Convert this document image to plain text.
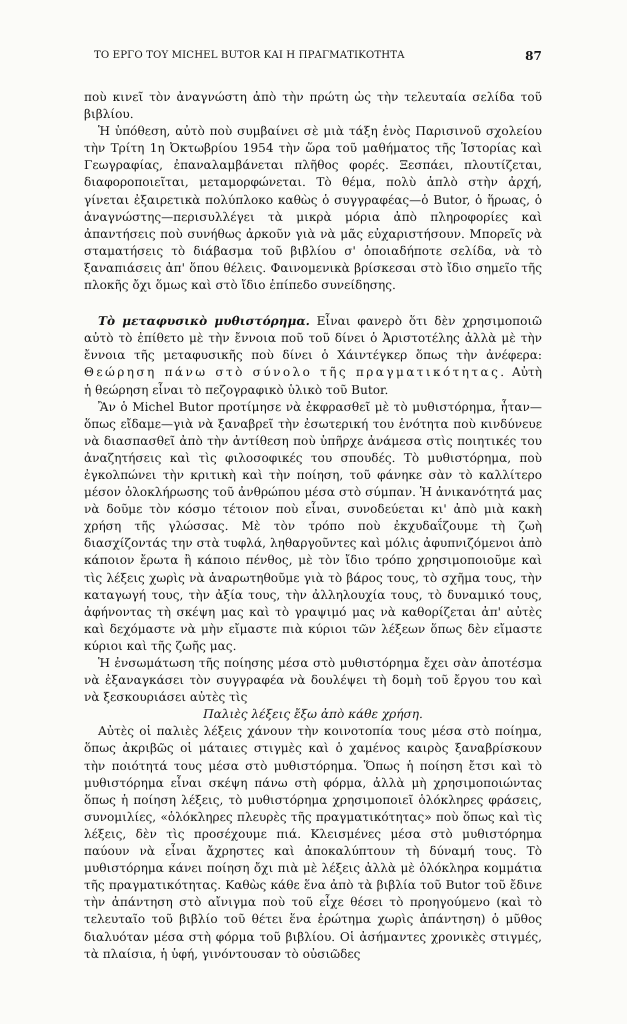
ΤΟ ΕΡΓΟ ΤΟΥ MICHEL BUTOR ΚΑΙ Η ΠΡΑΓΜΑΤΙΚΟΤΗΤΑ	87

ποὺ κινεῖ τὸν ἀναγνώστη ἀπὸ τὴν πρώτη ὡς τὴν τελευταία σελίδα τοῦ βιβλίου.

Ἡ ὑπόθεση, αὐτὸ ποὺ συμβαίνει σὲ μιὰ τάξη ἑνὸς Παρισινοῦ σχολείου τὴν Τρίτη 1η Ὀκτωβρίου 1954 τὴν ὥρα τοῦ μαθήματος τῆς Ἱστορίας καὶ Γεωγραφίας, ἐπαναλαμβάνεται πλῆθος φορές. Ξεσπάει, πλουτίζεται, διαφοροποιεῖται, μεταμορφώνεται. Τὸ θέμα, πολὺ ἁπλὸ στὴν ἀρχή, γίνεται ἐξαιρετικὰ πολύπλοκο καθὼς ὁ συγγραφέας—ὁ Butor, ὁ ἥρωας, ὁ ἀναγνώστης—περισυλλέγει τὰ μικρὰ μόρια ἀπὸ πληροφορίες καὶ ἀπαντήσεις ποὺ συνήθως ἀρκοῦν γιὰ νὰ μᾶς εὐχαριστήσουν. Μπορεῖς νὰ σταματήσεις τὸ διάβασμα τοῦ βιβλίου σ' ὁποιαδήποτε σελίδα, νὰ τὸ ξαναπιάσεις ἀπ' ὅπου θέλεις. Φαινομενικὰ βρίσκεσαι στὸ ἴδιο σημεῖο τῆς πλοκῆς ὄχι ὅμως καὶ στὸ ἴδιο ἐπίπεδο συνείδησης.

Τὸ μεταφυσικὸ μυθιστόρημα. Εἶναι φανερὸ ὅτι δὲν χρησιμοποιῶ αὐτὸ τὸ ἐπίθετο μὲ τὴν ἔννοια ποῦ τοῦ δίνει ὁ Ἀριστοτέλης ἀλλὰ μὲ τὴν ἔννοια τῆς μεταφυσικῆς ποὺ δίνει ὁ Χάιντέγκερ ὅπως τὴν ἀνέφερα: Θεώρηση πάνω στὸ σύνολο τῆς πραγματικότητας. Αὐτὴ ἡ θεώρηση εἶναι τὸ πεζογραφικὸ ὑλικὸ τοῦ Butor.

Ἂν ὁ Michel Butor προτίμησε νὰ ἐκφρασθεῖ μὲ τὸ μυθιστόρημα, ἦταν—ὅπως εἴδαμε—γιὰ νὰ ξαναβρεῖ τὴν ἐσωτερική του ἑνότητα ποὺ κινδύνευε νὰ διασπασθεῖ ἀπὸ τὴν ἀντίθεση ποὺ ὑπῆρχε ἀνάμεσα στὶς ποιητικές του ἀναζητήσεις καὶ τὶς φιλοσοφικές του σπουδές. Τὸ μυθιστόρημα, ποὺ ἐγκολπώνει τὴν κριτικὴ καὶ τὴν ποίηση, τοῦ φάνηκε σὰν τὸ καλλίτερο μέσον ὁλοκλήρωσης τοῦ ἀνθρώπου μέσα στὸ σύμπαν. Ἡ ἀνικανότητά μας νὰ δοῦμε τὸν κόσμο τέτοιον ποὺ εἶναι, συνοδεύεται κι' ἀπὸ μιὰ κακὴ χρήση τῆς γλώσσας. Μὲ τὸν τρόπο ποὺ ἐκχυδαΐζουμε τὴ ζωὴ διασχίζοντάς την στὰ τυφλά, ληθαργοῦντες καὶ μόλις ἀφυπνιζόμενοι ἀπὸ κάποιον ἔρωτα ἢ κάποιο πένθος, μὲ τὸν ἴδιο τρόπο χρησιμοποιοῦμε καὶ τὶς λέξεις χωρὶς νὰ ἀναρωτηθοῦμε γιὰ τὸ βάρος τους, τὸ σχῆμα τους, τὴν καταγωγή τους, τὴν ἀξία τους, τὴν ἀλληλουχία τους, τὸ δυναμικό τους, ἀφήνοντας τὴ σκέψη μας καὶ τὸ γραψιμό μας νὰ καθορίζεται ἀπ' αὐτὲς καὶ δεχόμαστε νὰ μὴν εἴμαστε πιὰ κύριοι τῶν λέξεων ὅπως δὲν εἴμαστε κύριοι καὶ τῆς ζωῆς μας.

Ἡ ἐνσωμάτωση τῆς ποίησης μέσα στὸ μυθιστόρημα ἔχει σὰν ἀποτέσμα νὰ ἐξαναγκάσει τὸν συγγραφέα νὰ δουλέψει τὴ δομὴ τοῦ ἔργου του καὶ νὰ ξεσκουριάσει αὐτὲς τὶς

Παλιὲς λέξεις ἔξω ἀπὸ κάθε χρήση.

Αὐτὲς οἱ παλιὲς λέξεις χάνουν τὴν κοινοτοπία τους μέσα στὸ ποίημα, ὅπως ἀκριβῶς οἱ μάταιες στιγμὲς καὶ ὁ χαμένος καιρὸς ξαναβρίσκουν τὴν ποιότητά τους μέσα στὸ μυθιστόρημα. Ὅπως ἡ ποίηση ἔτσι καὶ τὸ μυθιστόρημα εἶναι σκέψη πάνω στὴ φόρμα, ἀλλὰ μὴ χρησιμοποιώντας ὅπως ἡ ποίηση λέξεις, τὸ μυθιστόρημα χρησιμοποιεῖ ὁλόκληρες φράσεις, συνομιλίες, «ὁλόκληρες πλευρὲς τῆς πραγματικότητας» ποὺ ὅπως καὶ τὶς λέξεις, δὲν τὶς προσέχουμε πιά. Κλεισμένες μέσα στὸ μυθιστόρημα παύουν νὰ εἶναι ἄχρηστες καὶ ἀποκαλύπτουν τὴ δύναμή τους. Τὸ μυθιστόρημα κάνει ποίηση ὄχι πιὰ μὲ λέξεις ἀλλὰ μὲ ὁλόκληρα κομμάτια τῆς πραγματικότητας. Καθὼς κάθε ἕνα ἀπὸ τὰ βιβλία τοῦ Butor τοῦ ἔδινε τὴν ἀπάντηση στὸ αἴνιγμα ποὺ τοῦ εἶχε θέσει τὸ προηγούμενο (καὶ τὸ τελευταῖο τοῦ βιβλίο τοῦ θέτει ἕνα ἐρώτημα χωρὶς ἀπάντηση) ὁ μῦθος διαλυόταν μέσα στὴ φόρμα τοῦ βιβλίου. Οἱ ἀσήμαντες χρονικὲς στιγμές, τὰ πλαίσια, ἡ ὑφή, γινόντουσαν τὸ οὐσιῶδες
